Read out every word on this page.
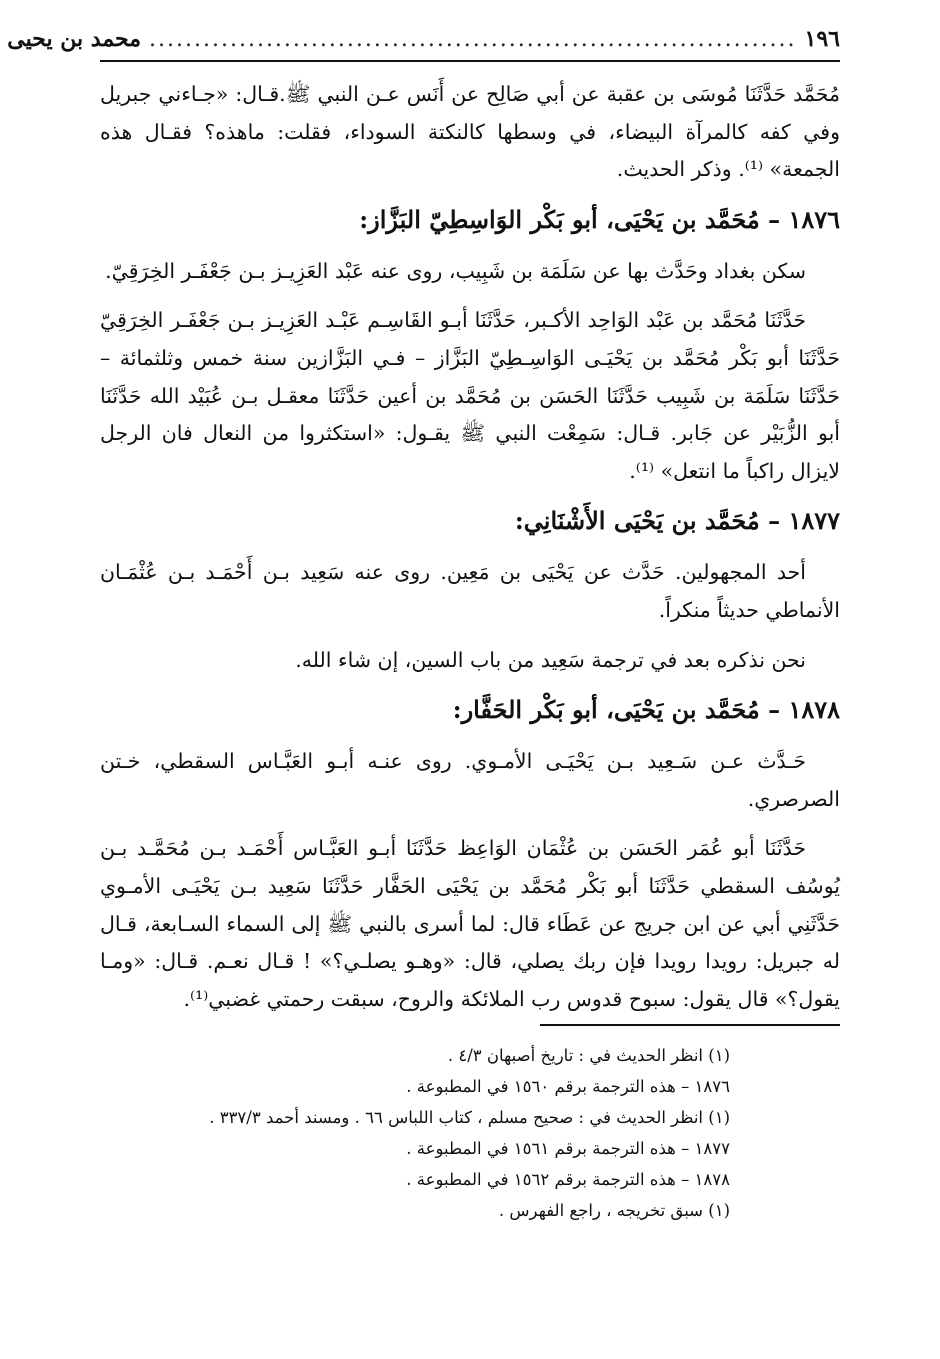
١٩٦
........................................................................
محمد بن يحيى

مُحَمَّد حَدَّثَنَا مُوسَى بن عقبة عن أبي صَالِح عن أَنَس عـن النبي ﷺ.قـال: «جـاءني جبريل وفي كفه كالمرآة البيضاء، في وسطها كالنكتة السوداء، فقلت: ماهذه؟ فقـال هذه الجمعة» ⁽¹⁾. وذكر الحديث.

١٨٧٦ – مُحَمَّد بن يَحْيَى، أبو بَكْر الوَاسِطِيّ البَزَّاز:

سكن بغداد وحَدَّث بها عن سَلَمَة بن شَبِيب، روى عنه عَبْد العَزِيـز بـن جَعْفَـر الخِرَقِيّ.

حَدَّثَنَا مُحَمَّد بن عَبْد الوَاحِد الأكـبر، حَدَّثَنَا أبـو القَاسِـم عَبْـد العَزِيـز بـن جَعْفَـر الخِرَقِيّ حَدَّثَنَا أبو بَكْر مُحَمَّد بن يَحْيَـى الوَاسِـطِيّ البَزَّاز – فـي البَزَّازين سنة خمس وثلثمائة – حَدَّثَنَا سَلَمَة بن شَبِيب حَدَّثَنَا الحَسَن بن مُحَمَّد بن أعين حَدَّثَنَا معقـل بـن عُبَيْد الله حَدَّثَنَا أبو الزُّبَيْر عن جَابر. قـال: سَمِعْت النبي ﷺ يقـول: «استكثروا من النعال فان الرجل لايزال راكباً ما انتعل» ⁽¹⁾.

١٨٧٧ – مُحَمَّد بن يَحْيَى الأَشْنَانِي:

أحد المجهولين. حَدَّث عن يَحْيَى بن مَعِين. روى عنه سَعِيد بـن أَحْمَـد بـن عُثْمَـان الأنماطي حديثاً منكراً.

نحن نذكره بعد في ترجمة سَعِيد من باب السين، إن شاء الله.

١٨٧٨ – مُحَمَّد بن يَحْيَى، أبو بَكْر الحَفَّار:

حَـدَّث عـن سَـعِيد بـن يَحْيَـى الأمـوي. روى عنـه أبـو العَبَّـاس السقطي، خـتن الصرصري.

حَدَّثَنَا أبو عُمَر الحَسَن بن عُثْمَان الوَاعِظ حَدَّثَنَا أبـو العَبَّـاس أَحْمَـد بـن مُحَمَّـد بـن يُوسُف السقطي حَدَّثَنَا أبو بَكْر مُحَمَّد بن يَحْيَى الحَفَّار حَدَّثَنَا سَعِيد بـن يَحْيَـى الأمـوي حَدَّثَنِي أبي عن ابن جريج عن عَطَاء قال: لما أسرى بالنبي ﷺ إلى السماء السـابعة، قـال له جبريل: رويدا رويدا فإن ربك يصلي، قال: «وهـو يصلـي؟» ! قـال نعـم. قـال: «ومـا يقول؟» قال يقول: سبوح قدوس رب الملائكة والروح، سبقت رحمتي غضبي⁽¹⁾.

(١) انظر الحديث في : تاريخ أصبهان ٤/٣ .

١٨٧٦ – هذه الترجمة برقم ١٥٦٠ في المطبوعة .

(١) انظر الحديث في : صحيح مسلم ، كتاب اللباس ٦٦ . ومسند أحمد ٣٣٧/٣ .

١٨٧٧ – هذه الترجمة برقم ١٥٦١ في المطبوعة .

١٨٧٨ – هذه الترجمة برقم ١٥٦٢ في المطبوعة .

(١) سبق تخريجه ، راجع الفهرس .
